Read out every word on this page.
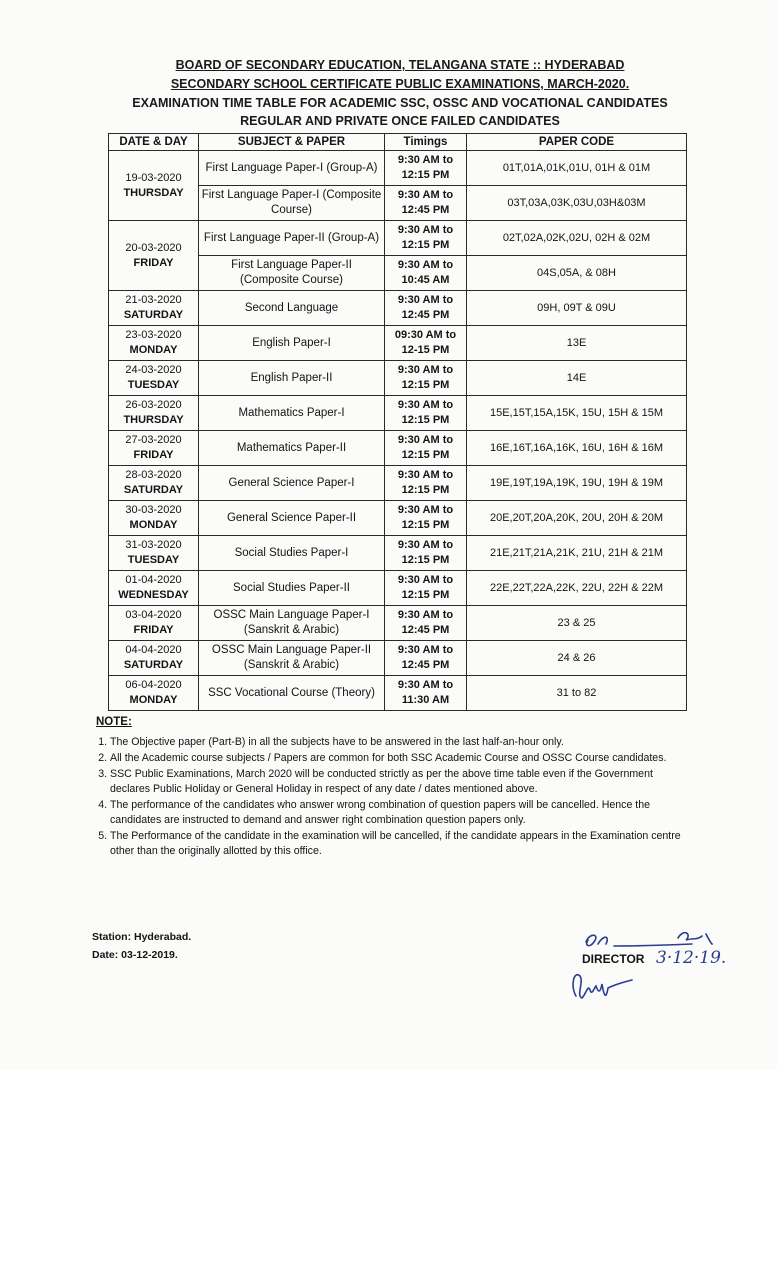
BOARD OF SECONDARY EDUCATION, TELANGANA STATE :: HYDERABAD
SECONDARY SCHOOL CERTIFICATE PUBLIC EXAMINATIONS, MARCH-2020.
EXAMINATION TIME TABLE FOR ACADEMIC SSC, OSSC AND VOCATIONAL CANDIDATES
REGULAR AND PRIVATE ONCE FAILED CANDIDATES
DATE & DAY	SUBJECT & PAPER	Timings	PAPER CODE

19-03-2020
THURSDAY	First Language Paper-I (Group-A)	9:30 AM to 12:15 PM	01T,01A,01K,01U, 01H & 01M
	First Language Paper-I (Composite Course)	9:30 AM to 12:45 PM	03T,03A,03K,03U,03H&03M

20-03-2020
FRIDAY	First Language Paper-II (Group-A)	9:30 AM to 12:15 PM	02T,02A,02K,02U, 02H & 02M
	First Language Paper-II (Composite Course)	9:30 AM to 10:45 AM	04S,05A, & 08H

21-03-2020
SATURDAY	Second Language	9:30 AM to 12:45 PM	09H, 09T & 09U

23-03-2020
MONDAY	English Paper-I	09:30 AM to 12-15 PM	13E

24-03-2020
TUESDAY	English Paper-II	9:30 AM to 12:15 PM	14E

26-03-2020
THURSDAY	Mathematics Paper-I	9:30 AM to 12:15 PM	15E,15T,15A,15K, 15U, 15H & 15M

27-03-2020
FRIDAY	Mathematics Paper-II	9:30 AM to 12:15 PM	16E,16T,16A,16K, 16U, 16H & 16M

28-03-2020
SATURDAY	General Science Paper-I	9:30 AM to 12:15 PM	19E,19T,19A,19K, 19U, 19H & 19M

30-03-2020
MONDAY	General Science Paper-II	9:30 AM to 12:15 PM	20E,20T,20A,20K, 20U, 20H & 20M

31-03-2020
TUESDAY	Social Studies Paper-I	9:30 AM to 12:15 PM	21E,21T,21A,21K, 21U, 21H & 21M

01-04-2020
WEDNESDAY	Social Studies Paper-II	9:30 AM to 12:15 PM	22E,22T,22A,22K, 22U, 22H & 22M

03-04-2020
FRIDAY	OSSC Main Language Paper-I (Sanskrit & Arabic)	9:30 AM to 12:45 PM	23 & 25

04-04-2020
SATURDAY	OSSC Main Language Paper-II (Sanskrit & Arabic)	9:30 AM to 12:45 PM	24 & 26

06-04-2020
MONDAY	SSC Vocational Course (Theory)	9:30 AM to 11:30 AM	31 to 82
NOTE:
1. The Objective paper (Part-B) in all the subjects have to be answered in the last half-an-hour only.
2. All the Academic course subjects / Papers are common for both SSC Academic Course and OSSC Course candidates.
3. SSC Public Examinations, March 2020 will be conducted strictly as per the above time table even if the Government declares Public Holiday or General Holiday in respect of any date / dates mentioned above.
4. The performance of the candidates who answer wrong combination of question papers will be cancelled. Hence the candidates are instructed to demand and answer right combination question papers only.
5. The Performance of the candidate in the examination will be cancelled, if the candidate appears in the Examination centre other than the originally allotted by this office.
Station: Hyderabad.
Date: 03-12-2019.	DIRECTOR 3·12·19.
